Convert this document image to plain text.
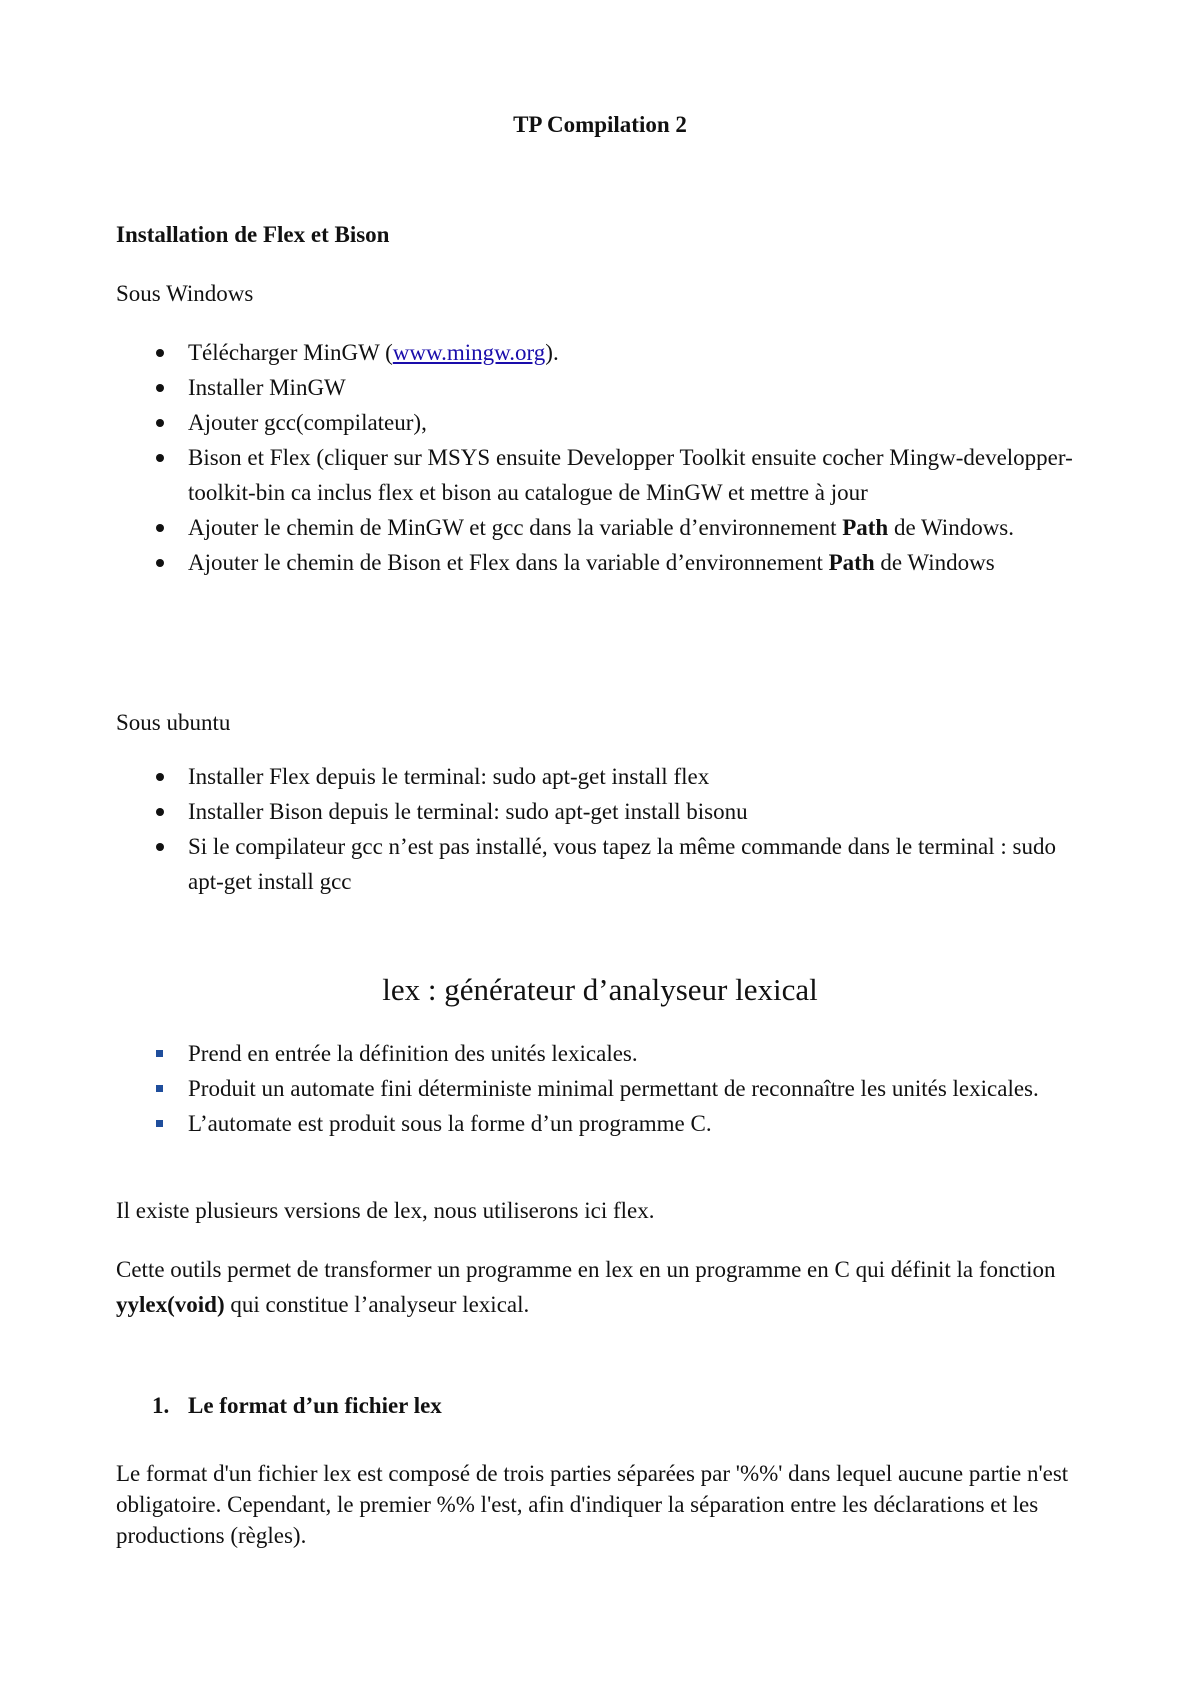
TP Compilation 2
Installation de Flex et Bison
Sous Windows
Télécharger MinGW (www.mingw.org).
Installer MinGW
Ajouter gcc(compilateur),
Bison et Flex (cliquer sur MSYS ensuite Developper Toolkit ensuite cocher Mingw-developper-toolkit-bin ca inclus flex et bison au catalogue de MinGW et mettre à jour
Ajouter le chemin de MinGW et gcc dans la variable d’environnement Path de Windows.
Ajouter le chemin de Bison et Flex dans la variable d’environnement Path de Windows
Sous ubuntu
Installer Flex depuis le terminal: sudo apt-get install flex
Installer Bison depuis le terminal: sudo apt-get install bisonu
Si le compilateur gcc n’est pas installé, vous tapez la même commande dans le terminal : sudo apt-get install gcc
lex : générateur d’analyseur lexical
Prend en entrée la définition des unités lexicales.
Produit un automate fini déterministe minimal permettant de reconnaître les unités lexicales.
L’automate est produit sous la forme d’un programme C.

Il existe plusieurs versions de lex, nous utiliserons ici flex.

Cette outils permet de transformer un programme en lex en un programme en C qui définit la fonction yylex(void) qui constitue l’analyseur lexical.

1. Le format d’un fichier lex

Le format d'un fichier lex est composé de trois parties séparées par '%%' dans lequel aucune partie n'est obligatoire. Cependant, le premier %% l'est, afin d'indiquer la séparation entre les déclarations et les productions (règles).
